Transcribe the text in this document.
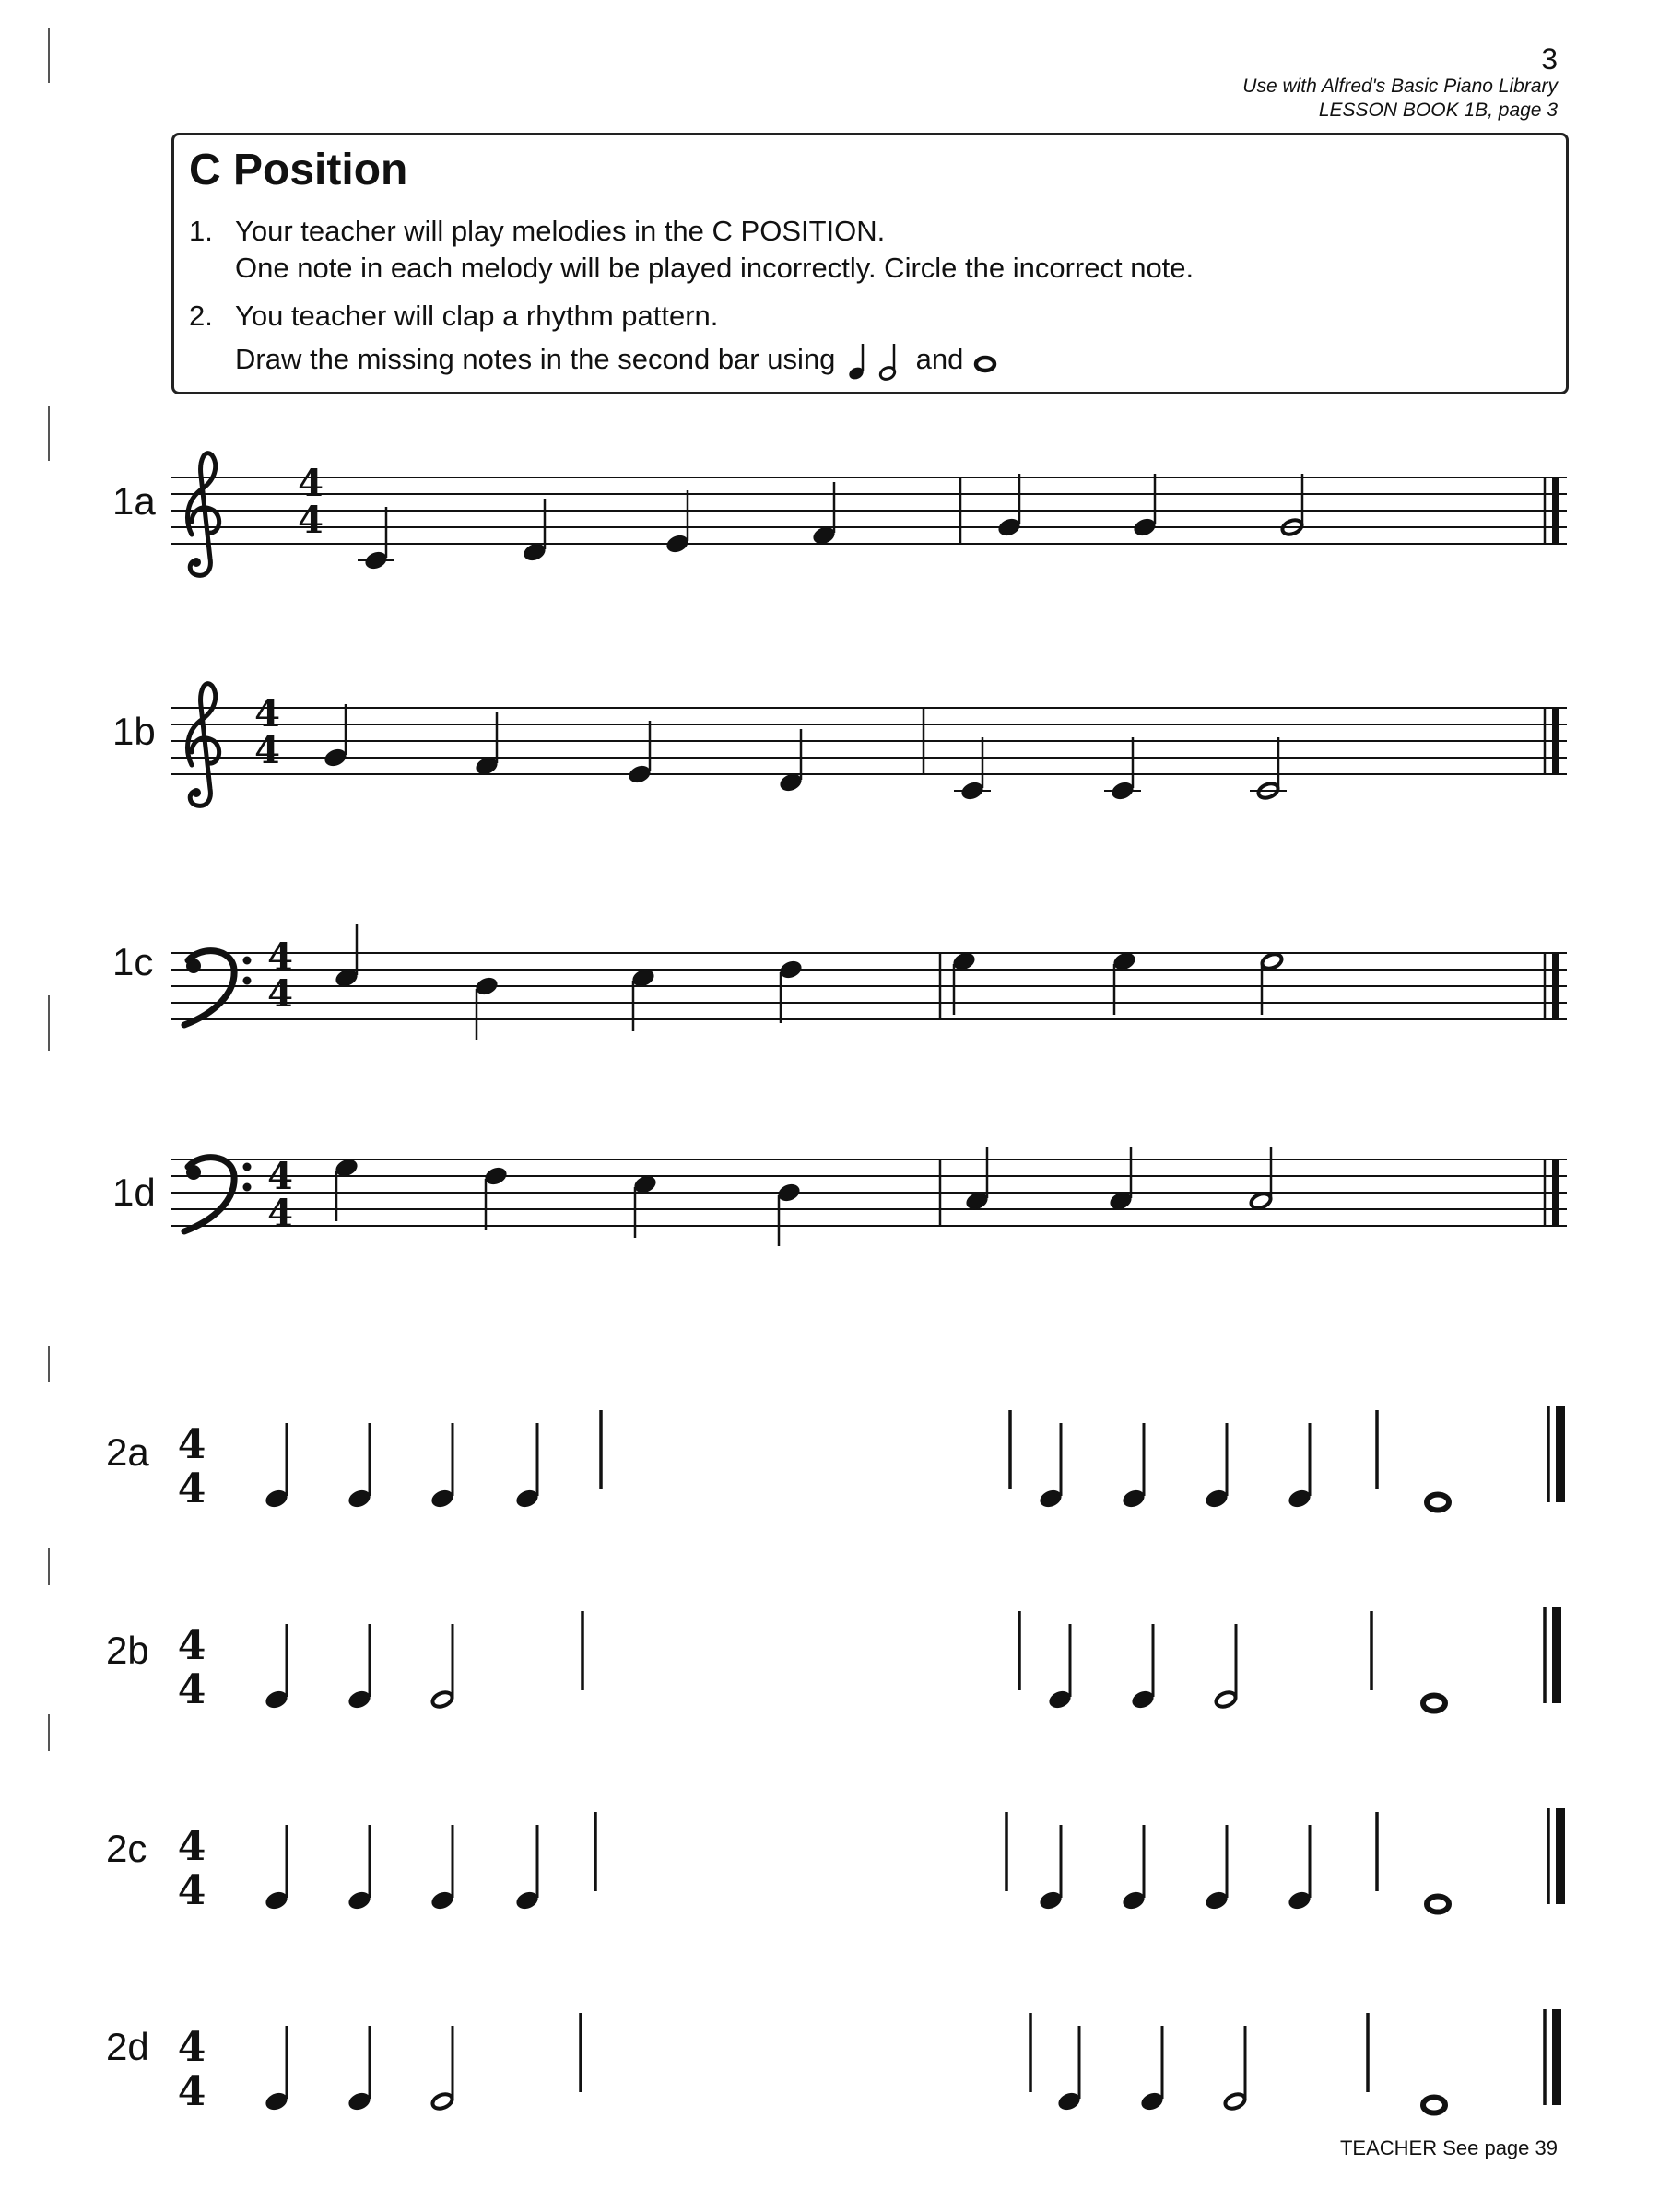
3
Use with Alfred's Basic Piano Library
LESSON BOOK 1B, page 3
C Position
1. Your teacher will play melodies in the C POSITION.
One note in each melody will be played incorrectly. Circle the incorrect note.
2. You teacher will clap a rhythm pattern.
Draw the missing notes in the second bar using	and
1a
1b
1c
1d
2a
2b
2c
2d
4
4
4
4
4
4
4
4
4
4
4
4
4
4
4
4
TEACHER See page 39
